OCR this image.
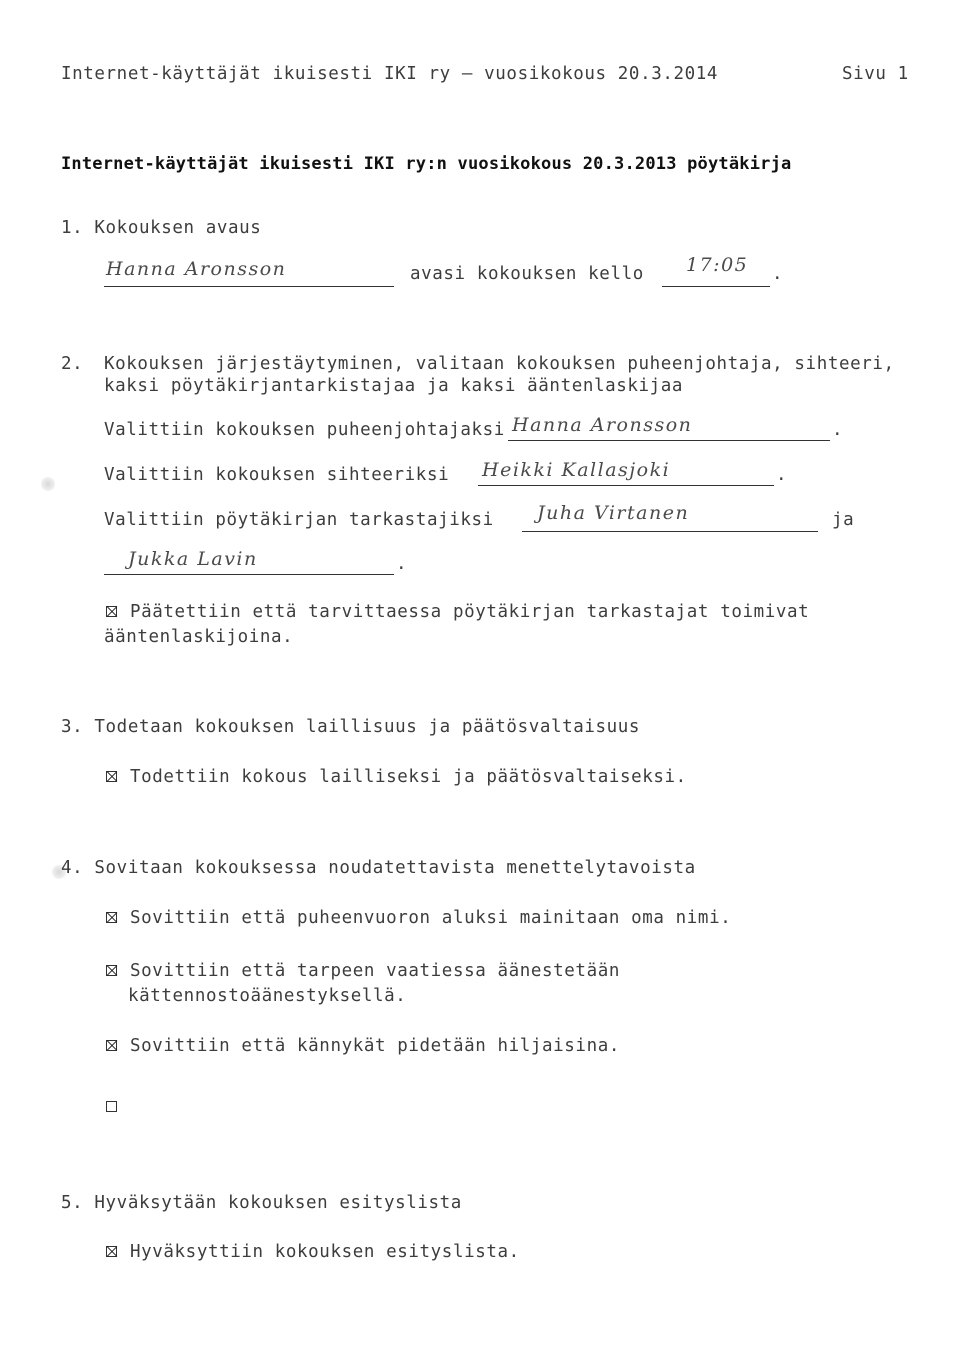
Internet-käyttäjät ikuisesti IKI ry — vuosikokous 20.3.2014	Sivu 1
Internet-käyttäjät ikuisesti IKI ry:n vuosikokous 20.3.2013 pöytäkirja
1. Kokouksen avaus
Hanna Aronsson	avasi kokouksen kello 17:05 .
2. Kokouksen järjestäytyminen, valitaan kokouksen puheenjohtaja, sihteeri,
kaksi pöytäkirjantarkistajaa ja kaksi ääntenlaskijaa
Valittiin kokouksen puheenjohtajaksi Hanna Aronsson	.
Valittiin kokouksen sihteeriksi Heikki Kallasjoki	.
Valittiin pöytäkirjan tarkastajiksi Juha Virtanen	ja
Jukka Lavin	.
Päätettiin että tarvittaessa pöytäkirjan tarkastajat toimivat
ääntenlaskijoina.
3. Todetaan kokouksen laillisuus ja päätösvaltaisuus
Todettiin kokous lailliseksi ja päätösvaltaiseksi.
4. Sovitaan kokouksessa noudatettavista menettelytavoista
Sovittiin että puheenvuoron aluksi mainitaan oma nimi.
Sovittiin että tarpeen vaatiessa äänestetään
kättennostoäänestyksellä.
Sovittiin että kännykät pidetään hiljaisina.
5. Hyväksytään kokouksen esityslista
Hyväksyttiin kokouksen esityslista.
